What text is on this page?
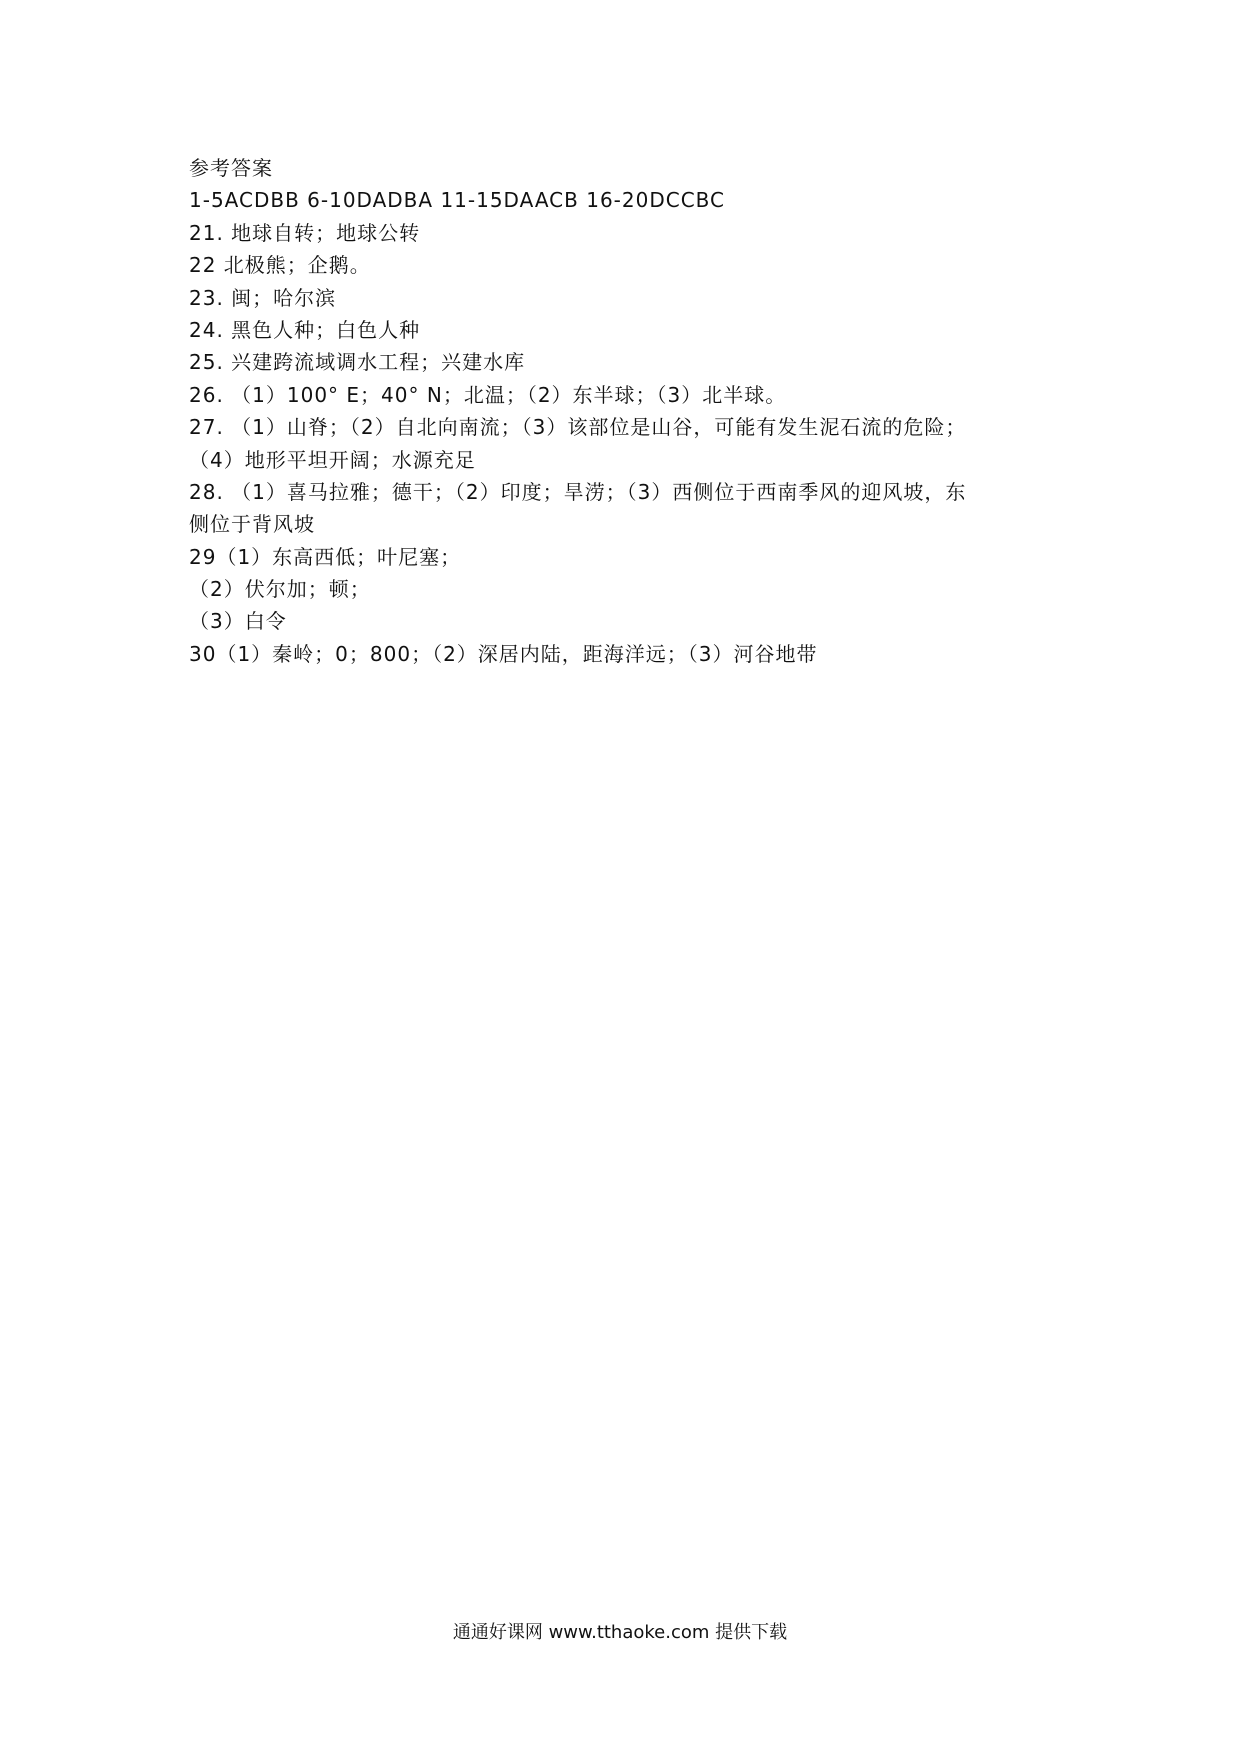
参考答案
1-5ACDBB 6-10DADBA 11-15DAACB 16-20DCCBC
21. 地球自转；地球公转
22 北极熊；企鹅。
23. 闽；哈尔滨
24. 黑色人种；白色人种
25. 兴建跨流域调水工程；兴建水库
26. （1）100° E；40° N；北温；（2）东半球；（3）北半球。
27. （1）山脊；（2）自北向南流；（3）该部位是山谷，可能有发生泥石流的危险；
（4）地形平坦开阔；水源充足
28. （1）喜马拉雅；德干；（2）印度；旱涝；（3）西侧位于西南季风的迎风坡，东
侧位于背风坡
29（1）东高西低；叶尼塞；
（2）伏尔加；顿；
（3）白令
30（1）秦岭；0；800；（2）深居内陆，距海洋远；（3）河谷地带
通通好课网 www.tthaoke.com 提供下载
